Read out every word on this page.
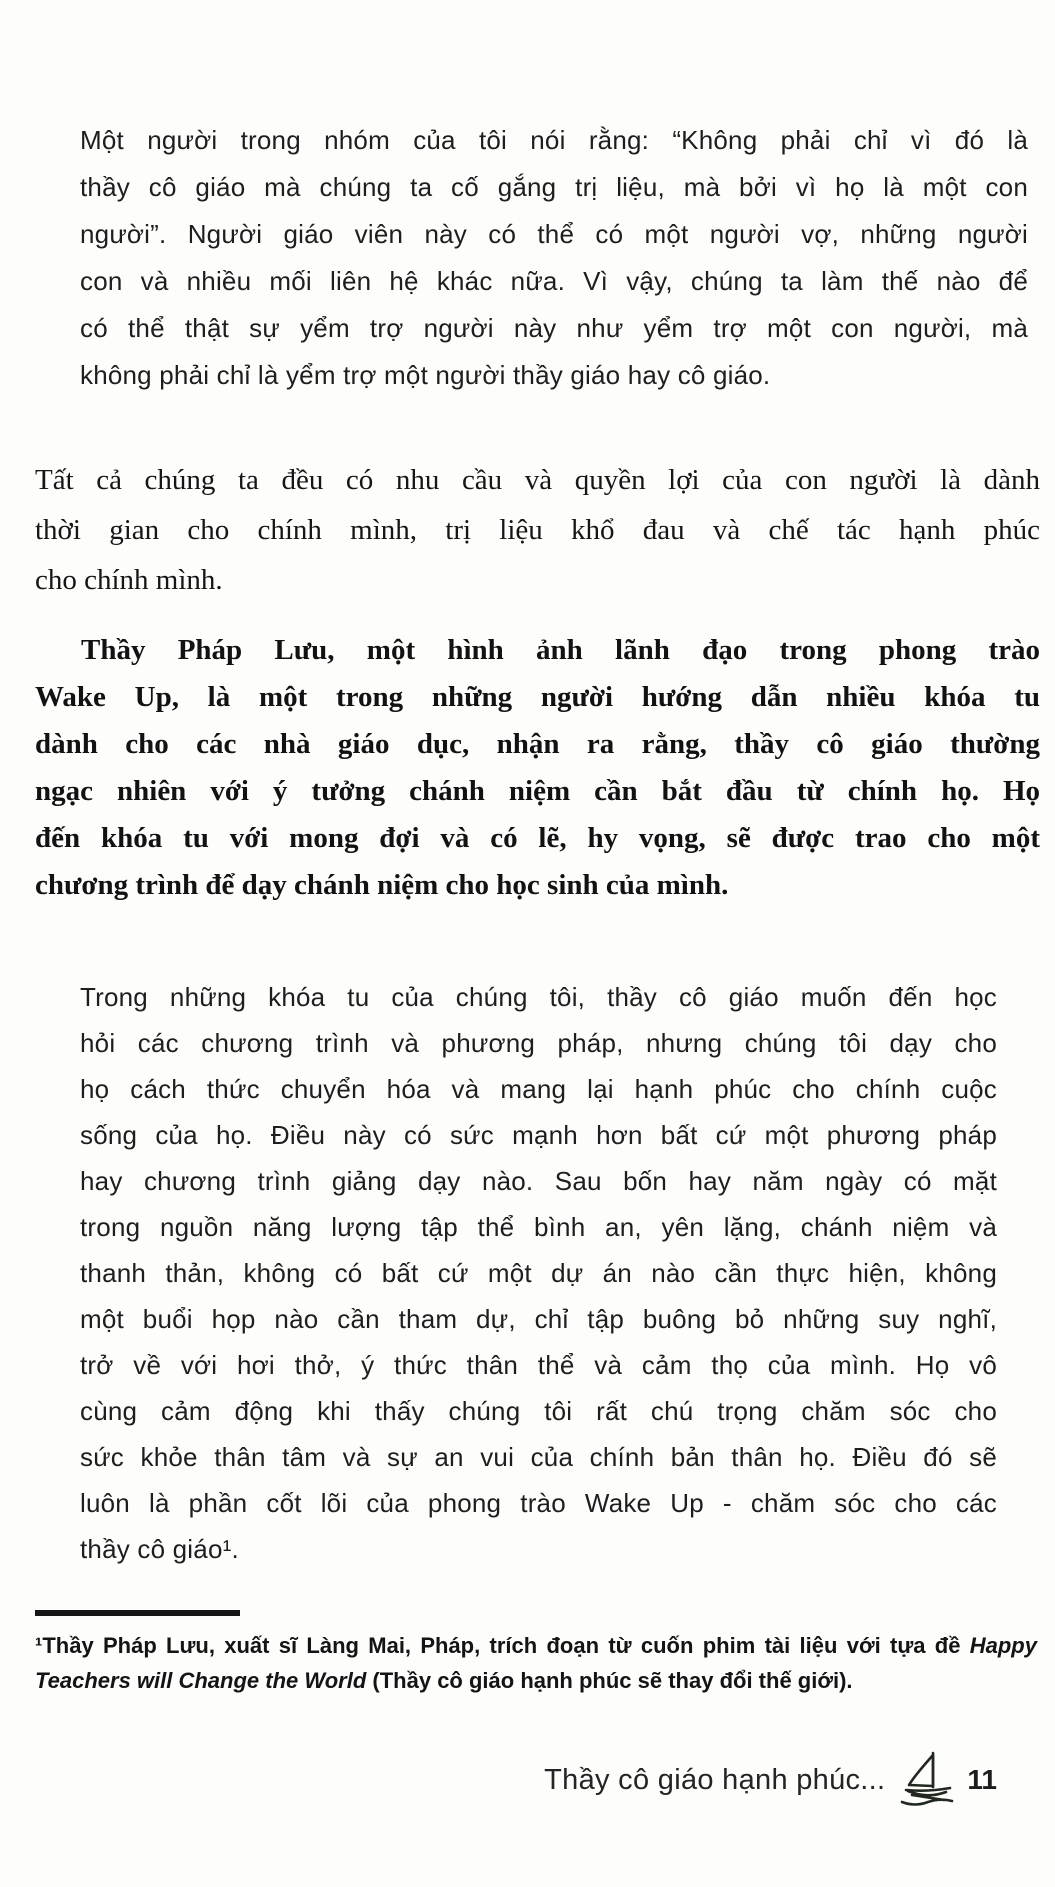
Một người trong nhóm của tôi nói rằng: “Không phải chỉ vì đó là
thầy cô giáo mà chúng ta cố gắng trị liệu, mà bởi vì họ là một con
người”. Người giáo viên này có thể có một người vợ, những người
con và nhiều mối liên hệ khác nữa. Vì vậy, chúng ta làm thế nào để
có thể thật sự yểm trợ người này như yểm trợ một con người, mà
không phải chỉ là yểm trợ một người thầy giáo hay cô giáo.
Tất cả chúng ta đều có nhu cầu và quyền lợi của con người là dành
thời gian cho chính mình, trị liệu khổ đau và chế tác hạnh phúc
cho chính mình.
Thầy Pháp Lưu, một hình ảnh lãnh đạo trong phong trào
Wake Up, là một trong những người hướng dẫn nhiều khóa tu
dành cho các nhà giáo dục, nhận ra rằng, thầy cô giáo thường
ngạc nhiên với ý tưởng chánh niệm cần bắt đầu từ chính họ. Họ
đến khóa tu với mong đợi và có lẽ, hy vọng, sẽ được trao cho một
chương trình để dạy chánh niệm cho học sinh của mình.
Trong những khóa tu của chúng tôi, thầy cô giáo muốn đến học
hỏi các chương trình và phương pháp, nhưng chúng tôi dạy cho
họ cách thức chuyển hóa và mang lại hạnh phúc cho chính cuộc
sống của họ. Điều này có sức mạnh hơn bất cứ một phương pháp
hay chương trình giảng dạy nào. Sau bốn hay năm ngày có mặt
trong nguồn năng lượng tập thể bình an, yên lặng, chánh niệm và
thanh thản, không có bất cứ một dự án nào cần thực hiện, không
một buổi họp nào cần tham dự, chỉ tập buông bỏ những suy nghĩ,
trở về với hơi thở, ý thức thân thể và cảm thọ của mình. Họ vô
cùng cảm động khi thấy chúng tôi rất chú trọng chăm sóc cho
sức khỏe thân tâm và sự an vui của chính bản thân họ. Điều đó sẽ
luôn là phần cốt lõi của phong trào Wake Up - chăm sóc cho các
thầy cô giáo¹.
¹Thầy Pháp Lưu, xuất sĩ Làng Mai, Pháp, trích đoạn từ cuốn phim tài liệu với tựa đề Happy
Teachers will Change the World (Thầy cô giáo hạnh phúc sẽ thay đổi thế giới).
Thầy cô giáo hạnh phúc...	11
